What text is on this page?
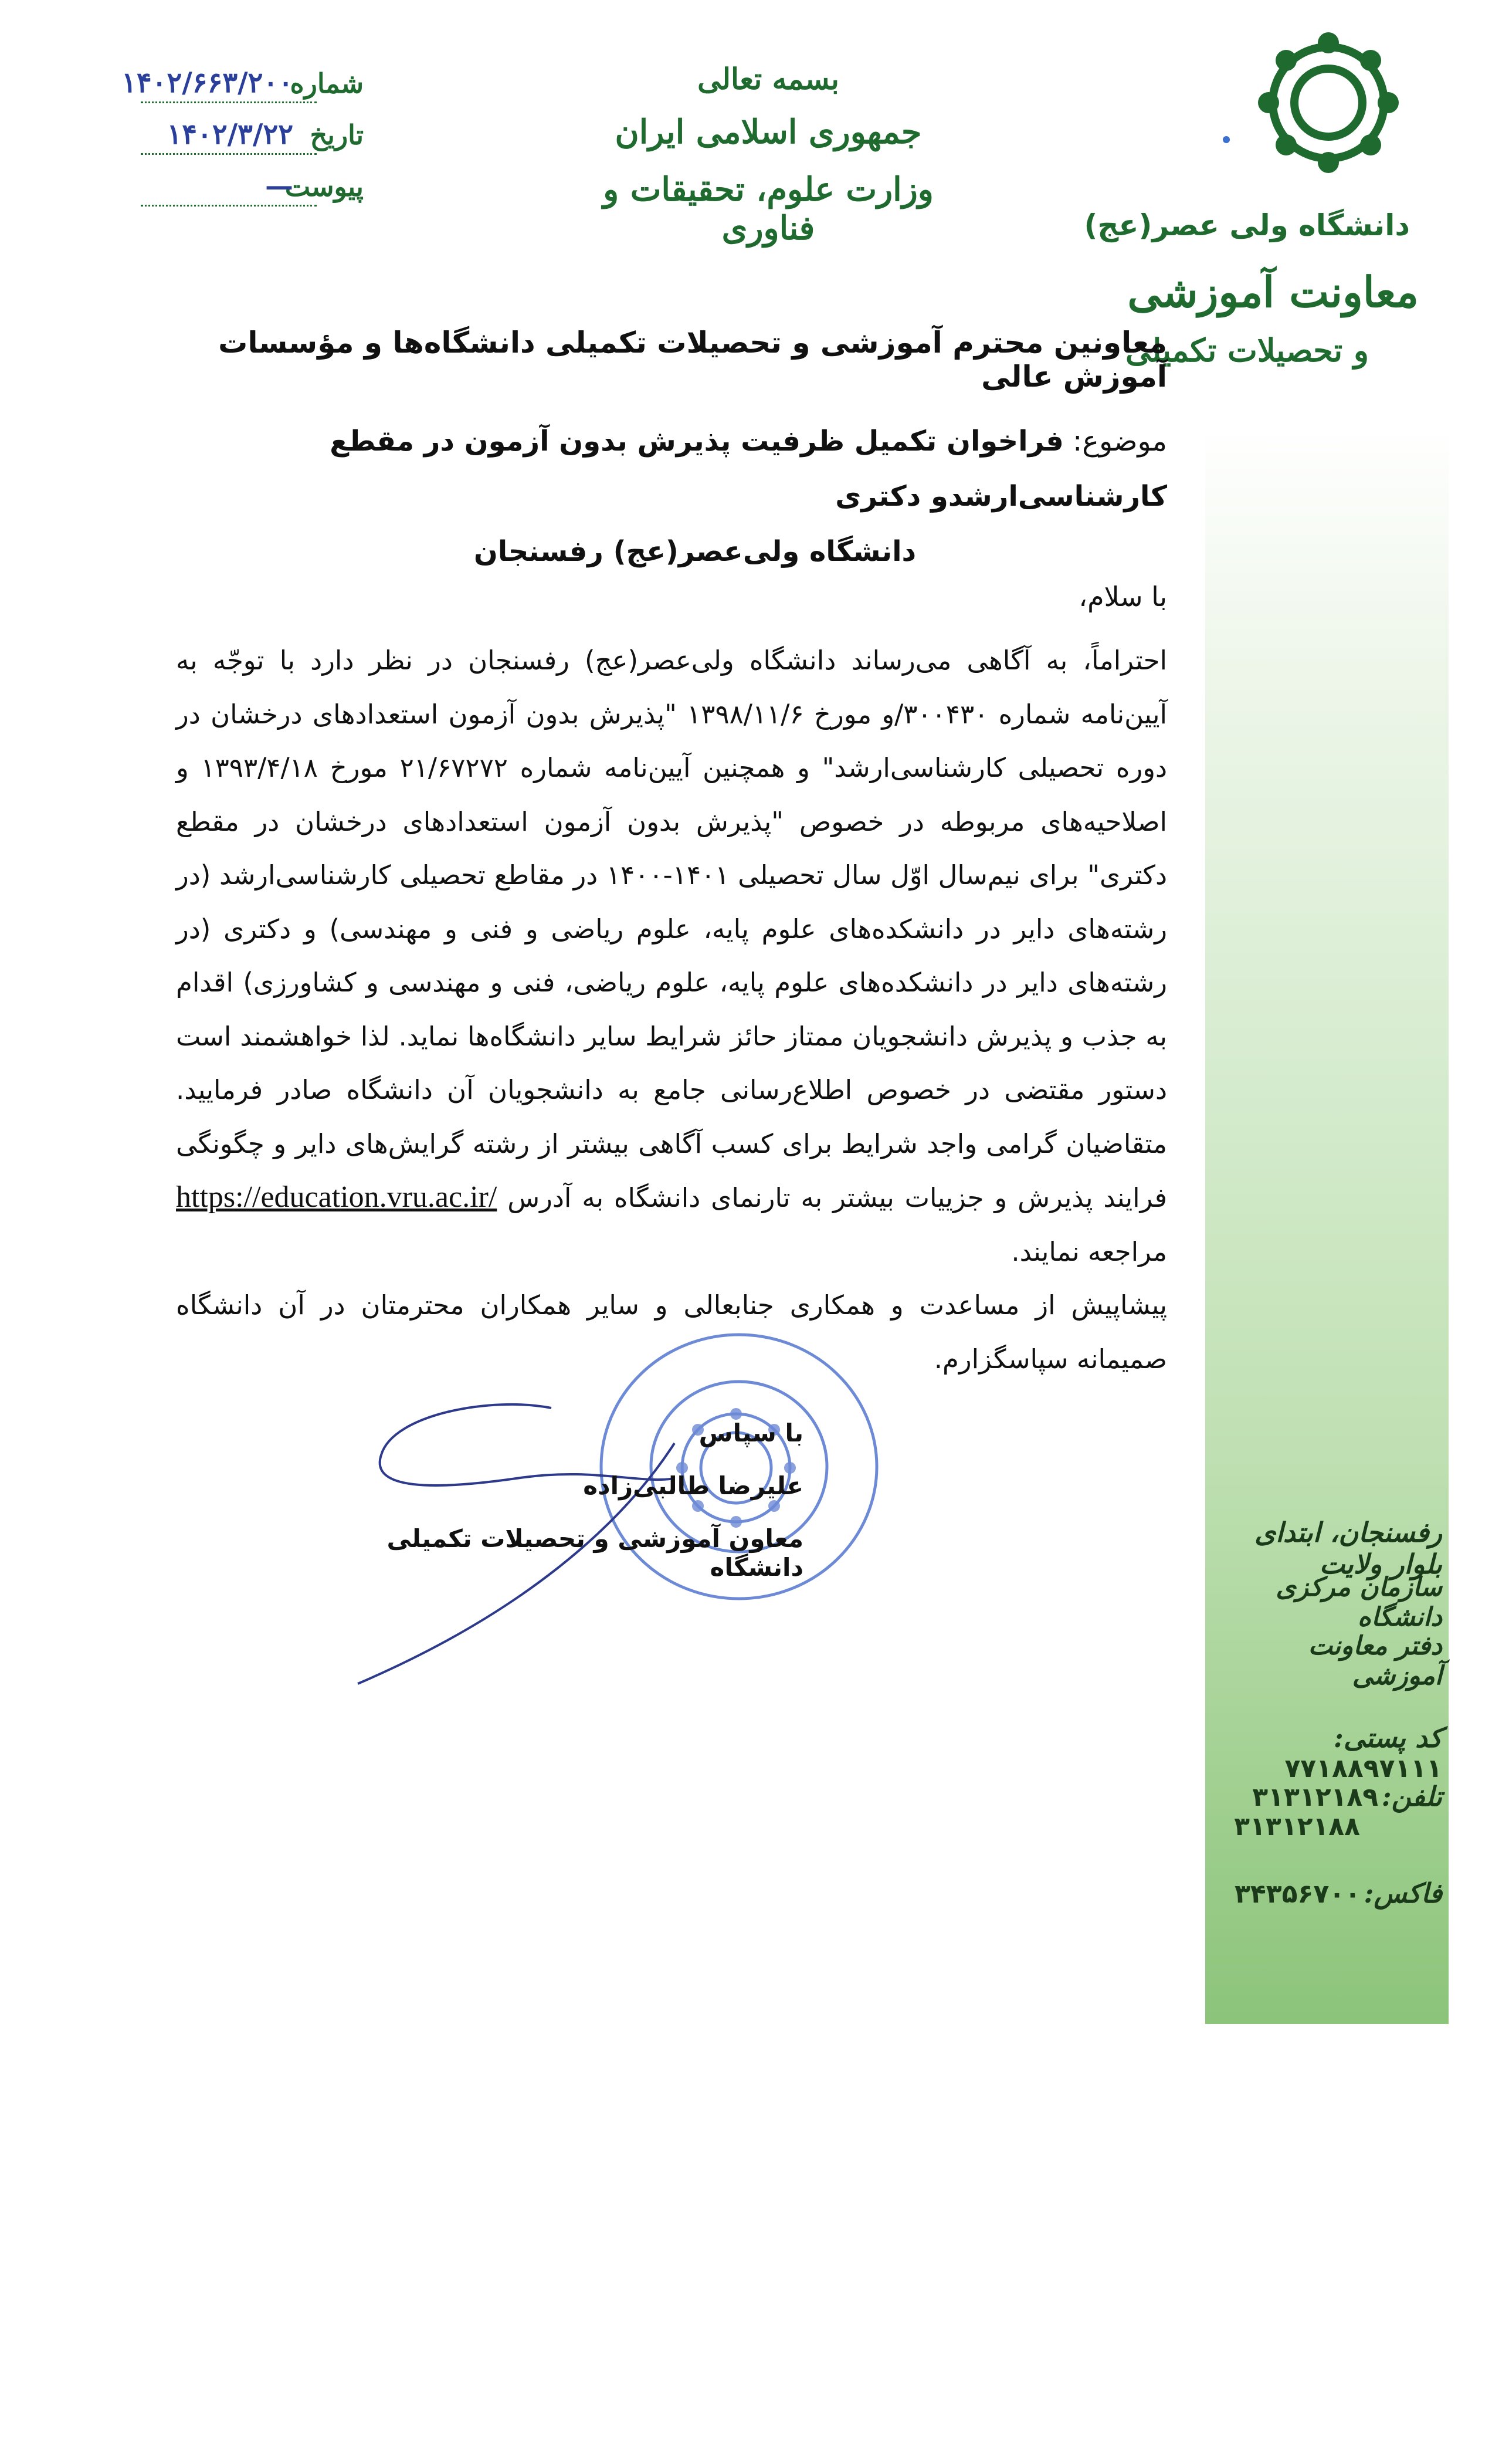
دانشگاه ولی عصر(عج)
معاونت آموزشی
و تحصیلات تکمیلی
بسمه تعالی
جمهوری اسلامی ایران
وزارت علوم، تحقیقات و فناوری
شماره
۱۴۰۲/۶۶۳/۲۰۰
تاریخ
۱۴۰۲/۳/۲۲
پیوست
—
معاونین محترم آموزشی و تحصیلات تکمیلی دانشگاه‌ها و مؤسسات آموزش عالی
موضوع: فراخوان تکمیل ظرفیت پذیرش بدون آزمون در مقطع کارشناسی‌ارشدو دکتری
دانشگاه ولی‌عصر(عج) رفسنجان
با سلام،
احتراماً، به آگاهی می‌رساند دانشگاه ولی‌عصر(عج) رفسنجان در نظر دارد با توجّه به آیین‌نامه شماره ۳۰۰۴۳۰/و مورخ ۱۳۹۸/۱۱/۶ "پذیرش بدون آزمون استعدادهای درخشان در دوره تحصیلی کارشناسی‌ارشد" و همچنین آیین‌نامه شماره ۲۱/۶۷۲۷۲ مورخ ۱۳۹۳/۴/۱۸ و اصلاحیه‌های مربوطه در خصوص "پذیرش بدون آزمون استعدادهای درخشان در مقطع دکتری" برای نیم‌سال اوّل سال تحصیلی ۱۴۰۱-۱۴۰۰ در مقاطع تحصیلی کارشناسی‌ارشد (در رشته‌های دایر در دانشکده‌های علوم پایه، علوم ریاضی و فنی و مهندسی) و دکتری (در رشته‌های دایر در دانشکده‌های علوم پایه، علوم ریاضی، فنی و مهندسی و کشاورزی) اقدام به جذب و پذیرش دانشجویان ممتاز حائز شرایط سایر دانشگاه‌ها نماید. لذا خواهشمند است دستور مقتضی در خصوص اطلاع‌رسانی جامع به دانشجویان آن دانشگاه صادر فرمایید. متقاضیان گرامی واجد شرایط برای کسب آگاهی بیشتر از رشته گرایش‌های دایر و چگونگی فرایند پذیرش و جزییات بیشتر به تارنمای دانشگاه به آدرس https://education.vru.ac.ir/ مراجعه نمایند.
پیشاپیش از مساعدت و همکاری جنابعالی و سایر همکاران محترمتان در آن دانشگاه صمیمانه سپاسگزارم.
با سپاس
علیرضا طالبی‌زاده
معاون آموزشی و تحصیلات تکمیلی دانشگاه
رفسنجان، ابتدای بلوار ولایت
سازمان مرکزی دانشگاه
دفتر معاونت آموزشی
کد پستی: ۷۷۱۸۸۹۷۱۱۱
تلفن: ۳۱۳۱۲۱۸۹
۳۱۳۱۲۱۸۸
فاکس: ۳۴۳۵۶۷۰۰
